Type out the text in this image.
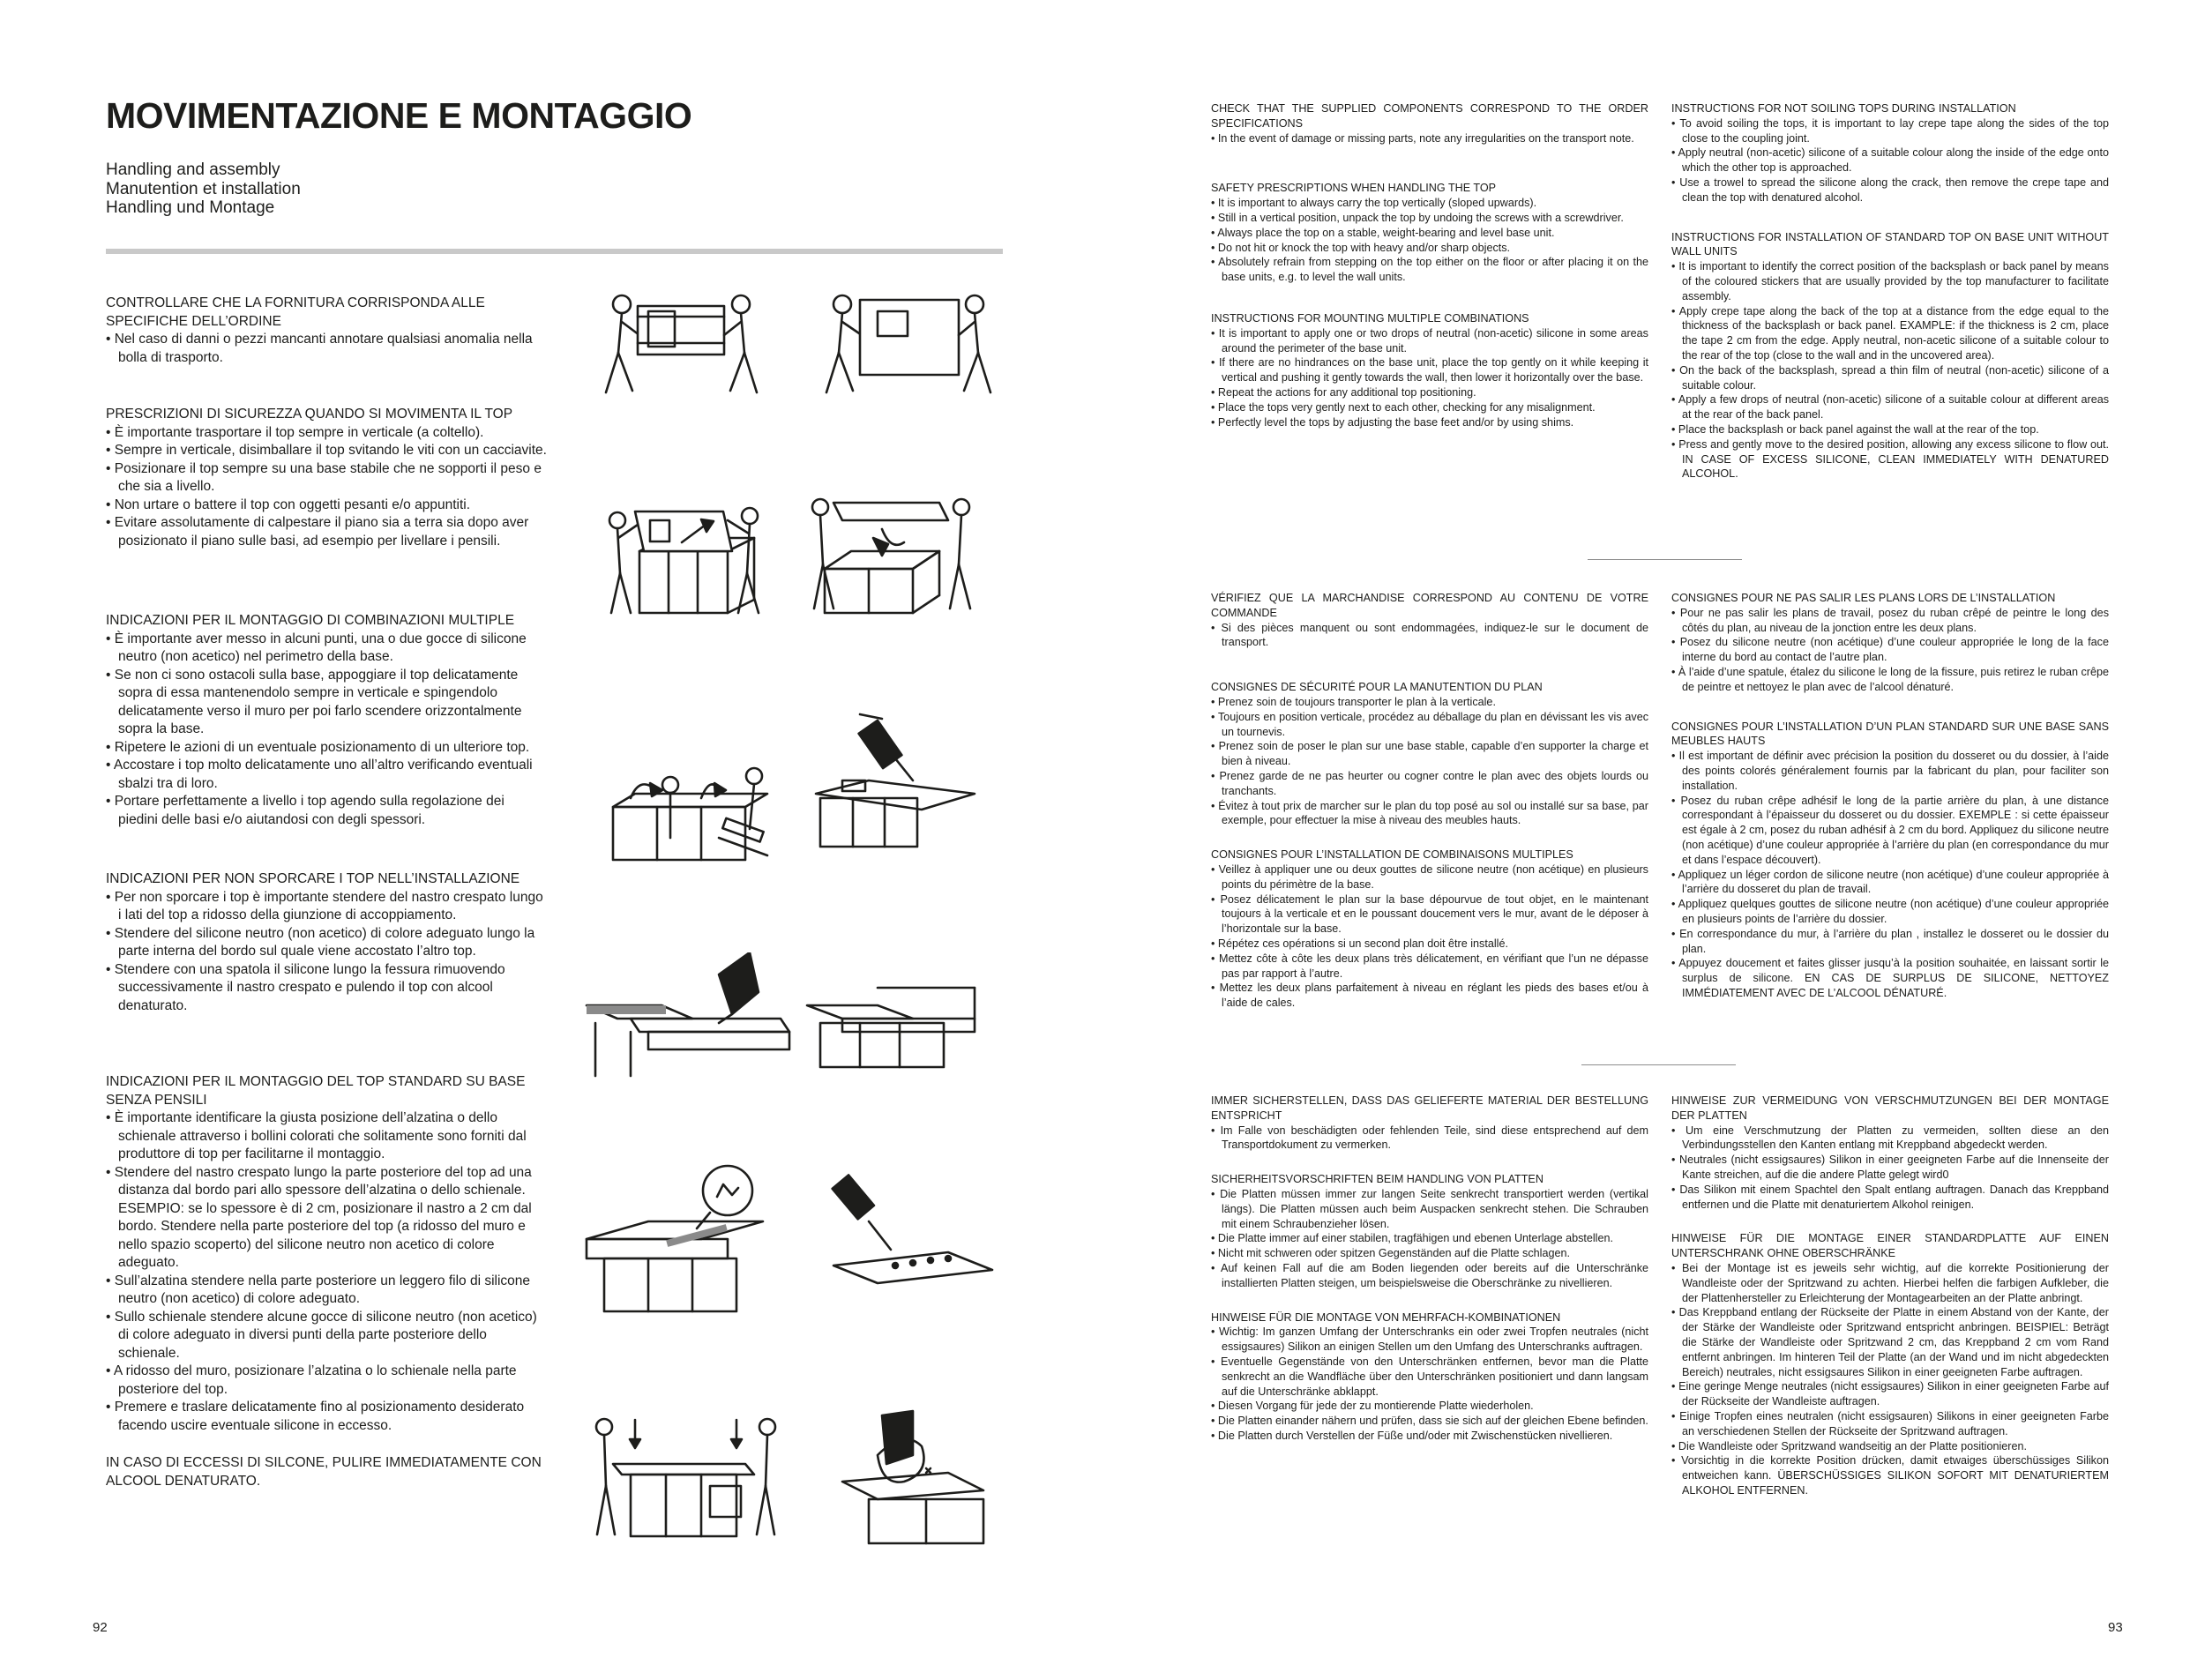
MOVIMENTAZIONE E MONTAGGIO
Handling and assembly
Manutention et installation
Handling und Montage
CONTROLLARE CHE LA FORNITURA CORRISPONDA ALLE SPECIFICHE DELL’ORDINE
• Nel caso di danni o pezzi mancanti annotare qualsiasi anomalia nella bolla di trasporto.
PRESCRIZIONI DI SICUREZZA QUANDO SI MOVIMENTA IL TOP
• È importante trasportare il top sempre in verticale (a coltello).
• Sempre in verticale, disimballare il top svitando le viti con un cacciavite.
• Posizionare il top sempre su una base stabile che ne sopporti il peso e che sia a livello.
• Non urtare o battere il top con oggetti pesanti e/o appuntiti.
• Evitare assolutamente di calpestare il piano sia a terra sia dopo aver posizionato il piano sulle basi, ad esempio per livellare i pensili.
INDICAZIONI PER IL MONTAGGIO DI COMBINAZIONI MULTIPLE
• È importante aver messo in alcuni punti, una o due gocce di silicone neutro (non acetico) nel perimetro della base.
• Se non ci sono ostacoli sulla base, appoggiare il top delicatamente sopra di essa mantenendolo sempre in verticale e spingendolo delicatamente verso il muro per poi farlo scendere orizzontalmente sopra la base.
• Ripetere le azioni di un eventuale posizionamento di un ulteriore top.
• Accostare i top molto delicatamente uno all’altro verificando eventuali sbalzi tra di loro.
• Portare perfettamente a livello i top agendo sulla regolazione dei piedini delle basi e/o aiutandosi con degli spessori.
INDICAZIONI PER NON SPORCARE I TOP NELL’INSTALLAZIONE
• Per non sporcare i top è importante stendere del nastro crespato lungo i lati del top a ridosso della giunzione di accoppiamento.
• Stendere del silicone neutro (non acetico) di colore adeguato lungo la parte interna del bordo sul quale viene accostato l’altro top.
• Stendere con una spatola il silicone lungo la fessura rimuovendo successivamente il nastro crespato e pulendo il top con alcool denaturato.
INDICAZIONI PER IL MONTAGGIO DEL TOP STANDARD SU BASE SENZA PENSILI
• È importante identificare la giusta posizione dell’alzatina o dello schienale attraverso i bollini colorati che solitamente sono forniti dal produttore di top per facilitarne il montaggio.
• Stendere del nastro crespato lungo la parte posteriore del top ad una distanza dal bordo pari allo spessore dell’alzatina o dello schienale. ESEMPIO: se lo spessore è di 2 cm, posizionare il nastro a 2 cm dal bordo. Stendere nella parte posteriore del top (a ridosso del muro e nello spazio scoperto) del silicone neutro non acetico di colore adeguato.
• Sull’alzatina stendere nella parte posteriore un leggero filo di silicone neutro (non acetico) di colore adeguato.
• Sullo schienale stendere alcune gocce di silicone neutro (non acetico) di colore adeguato in diversi punti della parte posteriore dello schienale.
• A ridosso del muro, posizionare l’alzatina o lo schienale nella parte posteriore del top.
• Premere e traslare delicatamente fino al posizionamento desiderato facendo uscire eventuale silicone in eccesso.
IN CASO DI ECCESSI DI SILCONE, PULIRE IMMEDIATAMENTE CON ALCOOL DENATURATO.
CHECK THAT THE SUPPLIED COMPONENTS CORRESPOND TO THE ORDER SPECIFICATIONS
• In the event of damage or missing parts, note any irregularities on the transport note.
SAFETY PRESCRIPTIONS WHEN HANDLING THE TOP
• It is important to always carry the top vertically (sloped upwards).
• Still in a vertical position, unpack the top by undoing the screws with a screwdriver.
• Always place the top on a stable, weight-bearing and level base unit.
• Do not hit or knock the top with heavy and/or sharp objects.
• Absolutely refrain from stepping on the top either on the floor or after placing it on the base units, e.g. to level the wall units.
INSTRUCTIONS FOR MOUNTING MULTIPLE COMBINATIONS
• It is important to apply one or two drops of neutral (non-acetic) silicone in some areas around the perimeter of the base unit.
• If there are no hindrances on the base unit, place the top gently on it while keeping it vertical and pushing it gently towards the wall, then lower it horizontally over the base.
• Repeat the actions for any additional top positioning.
• Place the tops very gently next to each other, checking for any misalignment.
• Perfectly level the tops by adjusting the base feet and/or by using shims.
INSTRUCTIONS FOR NOT SOILING TOPS DURING INSTALLATION
• To avoid soiling the tops, it is important to lay crepe tape along the sides of the top close to the coupling joint.
• Apply neutral (non-acetic) silicone of a suitable colour along the inside of the edge onto which the other top is approached.
• Use a trowel to spread the silicone along the crack, then remove the crepe tape and clean the top with denatured alcohol.
INSTRUCTIONS FOR INSTALLATION OF STANDARD TOP ON BASE UNIT WITHOUT WALL UNITS
• It is important to identify the correct position of the backsplash or back panel by means of the coloured stickers that are usually provided by the top manufacturer to facilitate assembly.
• Apply crepe tape along the back of the top at a distance from the edge equal to the thickness of the backsplash or back panel. EXAMPLE: if the thickness is 2 cm, place the tape 2 cm from the edge. Apply neutral, non-acetic silicone of a suitable colour to the rear of the top (close to the wall and in the uncovered area).
• On the back of the backsplash, spread a thin film of neutral (non-acetic) silicone of a suitable colour.
• Apply a few drops of neutral (non-acetic) silicone of a suitable colour at different areas at the rear of the back panel.
• Place the backsplash or back panel against the wall at the rear of the top.
• Press and gently move to the desired position, allowing any excess silicone to flow out. IN CASE OF EXCESS SILICONE, CLEAN IMMEDIATELY WITH DENATURED ALCOHOL.
VÉRIFIEZ QUE LA MARCHANDISE CORRESPOND AU CONTENU DE VOTRE COMMANDE
• Si des pièces manquent ou sont endommagées, indiquez-le sur le document de transport.
CONSIGNES DE SÉCURITÉ POUR LA MANUTENTION DU PLAN
• Prenez soin de toujours transporter le plan à la verticale.
• Toujours en position verticale, procédez au déballage du plan en dévissant les vis avec un tournevis.
• Prenez soin de poser le plan sur une base stable, capable d’en supporter la charge et bien à niveau.
• Prenez garde de ne pas heurter ou cogner contre le plan avec des objets lourds ou tranchants.
• Évitez à tout prix de marcher sur le plan du top posé au sol ou installé sur sa base, par exemple, pour effectuer la mise à niveau des meubles hauts.
CONSIGNES POUR L’INSTALLATION DE COMBINAISONS MULTIPLES
• Veillez à appliquer une ou deux gouttes de silicone neutre (non acétique) en plusieurs points du périmètre de la base.
• Posez délicatement le plan sur la base dépourvue de tout objet, en le maintenant toujours à la verticale et en le poussant doucement vers le mur, avant de le déposer à l’horizontale sur la base.
• Répétez ces opérations si un second plan doit être installé.
• Mettez côte à côte les deux plans très délicatement, en vérifiant que l’un ne dépasse pas par rapport à l’autre.
• Mettez les deux plans parfaitement à niveau en réglant les pieds des bases et/ou à l’aide de cales.
CONSIGNES POUR NE PAS SALIR LES PLANS LORS DE L’INSTALLATION
• Pour ne pas salir les plans de travail, posez du ruban crêpé de peintre le long des côtés du plan, au niveau de la jonction entre les deux plans.
• Posez du silicone neutre (non acétique) d’une couleur appropriée le long de la face interne du bord au contact de l’autre plan.
• À l’aide d’une spatule, étalez du silicone le long de la fissure, puis retirez le ruban crêpe de peintre et nettoyez le plan avec de l’alcool dénaturé.
CONSIGNES POUR L’INSTALLATION D’UN PLAN STANDARD SUR UNE BASE SANS MEUBLES HAUTS
• Il est important de définir avec précision la position du dosseret ou du dossier, à l’aide des points colorés généralement fournis par la fabricant du plan, pour faciliter son installation.
• Posez du ruban crêpe adhésif le long de la partie arrière du plan, à une distance correspondant à l’épaisseur du dosseret ou du dossier. EXEMPLE : si cette épaisseur est égale à 2 cm, posez du ruban adhésif à 2 cm du bord. Appliquez du silicone neutre (non acétique) d’une couleur appropriée à l’arrière du plan (en correspondance du mur et dans l’espace découvert).
• Appliquez un léger cordon de silicone neutre (non acétique) d’une couleur appropriée à l’arrière du dosseret du plan de travail.
• Appliquez quelques gouttes de silicone neutre (non acétique) d’une couleur appropriée en plusieurs points de l’arrière du dossier.
• En correspondance du mur, à l’arrière du plan , installez le dosseret ou le dossier du plan.
• Appuyez doucement et faites glisser jusqu’à la position souhaitée, en laissant sortir le surplus de silicone. EN CAS DE SURPLUS DE SILICONE, NETTOYEZ IMMÉDIATEMENT AVEC DE L’ALCOOL DÉNATURÉ.
IMMER SICHERSTELLEN, DASS DAS GELIEFERTE MATERIAL DER BESTELLUNG ENTSPRICHT
• Im Falle von beschädigten oder fehlenden Teile, sind diese entsprechend auf dem Transportdokument zu vermerken.
SICHERHEITSVORSCHRIFTEN BEIM HANDLING VON PLATTEN
• Die Platten müssen immer zur langen Seite senkrecht transportiert werden (vertikal längs). Die Platten müssen auch beim Auspacken senkrecht stehen. Die Schrauben mit einem Schraubenzieher lösen.
• Die Platte immer auf einer stabilen, tragfähigen und ebenen Unterlage abstellen.
• Nicht mit schweren oder spitzen Gegenständen auf die Platte schlagen.
• Auf keinen Fall auf die am Boden liegenden oder bereits auf die Unterschränke installierten Platten steigen, um beispielsweise die Oberschränke zu nivellieren.
HINWEISE FÜR DIE MONTAGE VON MEHRFACH-KOMBINATIONEN
• Wichtig: Im ganzen Umfang der Unterschranks ein oder zwei Tropfen neutrales (nicht essigsaures) Silikon an einigen Stellen um den Umfang des Unterschranks auftragen.
• Eventuelle Gegenstände von den Unterschränken entfernen, bevor man die Platte senkrecht an die Wandfläche über den Unterschränken positioniert und dann langsam auf die Unterschränke abklappt.
• Diesen Vorgang für jede der zu montierende Platte wiederholen.
• Die Platten einander nähern und prüfen, dass sie sich auf der gleichen Ebene befinden.
• Die Platten durch Verstellen der Füße und/oder mit Zwischenstücken nivellieren.
HINWEISE ZUR VERMEIDUNG VON VERSCHMUTZUNGEN BEI DER MONTAGE DER PLATTEN
• Um eine Verschmutzung der Platten zu vermeiden, sollten diese an den Verbindungsstellen den Kanten entlang mit Kreppband abgedeckt werden.
• Neutrales (nicht essigsaures) Silikon in einer geeigneten Farbe auf die Innenseite der Kante streichen, auf die die andere Platte gelegt wird0
• Das Silikon mit einem Spachtel den Spalt entlang auftragen. Danach das Kreppband entfernen und die Platte mit denaturiertem Alkohol reinigen.
HINWEISE FÜR DIE MONTAGE EINER STANDARDPLATTE AUF EINEN UNTERSCHRANK OHNE OBERSCHRÄNKE
• Bei der Montage ist es jeweils sehr wichtig, auf die korrekte Positionierung der Wandleiste oder der Spritzwand zu achten. Hierbei helfen die farbigen Aufkleber, die der Plattenhersteller zu Erleichterung der Montagearbeiten an der Platte anbringt.
• Das Kreppband entlang der Rückseite der Platte in einem Abstand von der Kante, der der Stärke der Wandleiste oder Spritzwand entspricht anbringen. BEISPIEL: Beträgt die Stärke der Wandleiste oder Spritzwand 2 cm, das Kreppband 2 cm vom Rand entfernt anbringen. Im hinteren Teil der Platte (an der Wand und im nicht abgedeckten Bereich) neutrales, nicht essigsaures Silikon in einer geeigneten Farbe auftragen.
• Eine geringe Menge neutrales (nicht essigsaures) Silikon in einer geeigneten Farbe auf der Rückseite der Wandleiste auftragen.
• Einige Tropfen eines neutralen (nicht essigsauren) Silikons in einer geeigneten Farbe an verschiedenen Stellen der Rückseite der Spritzwand auftragen.
• Die Wandleiste oder Spritzwand wandseitig an der Platte positionieren.
• Vorsichtig in die korrekte Position drücken, damit etwaiges überschüssiges Silikon entweichen kann. ÜBERSCHÜSSIGES SILIKON SOFORT MIT DENATURIERTEM ALKOHOL ENTFERNEN.
92	93
